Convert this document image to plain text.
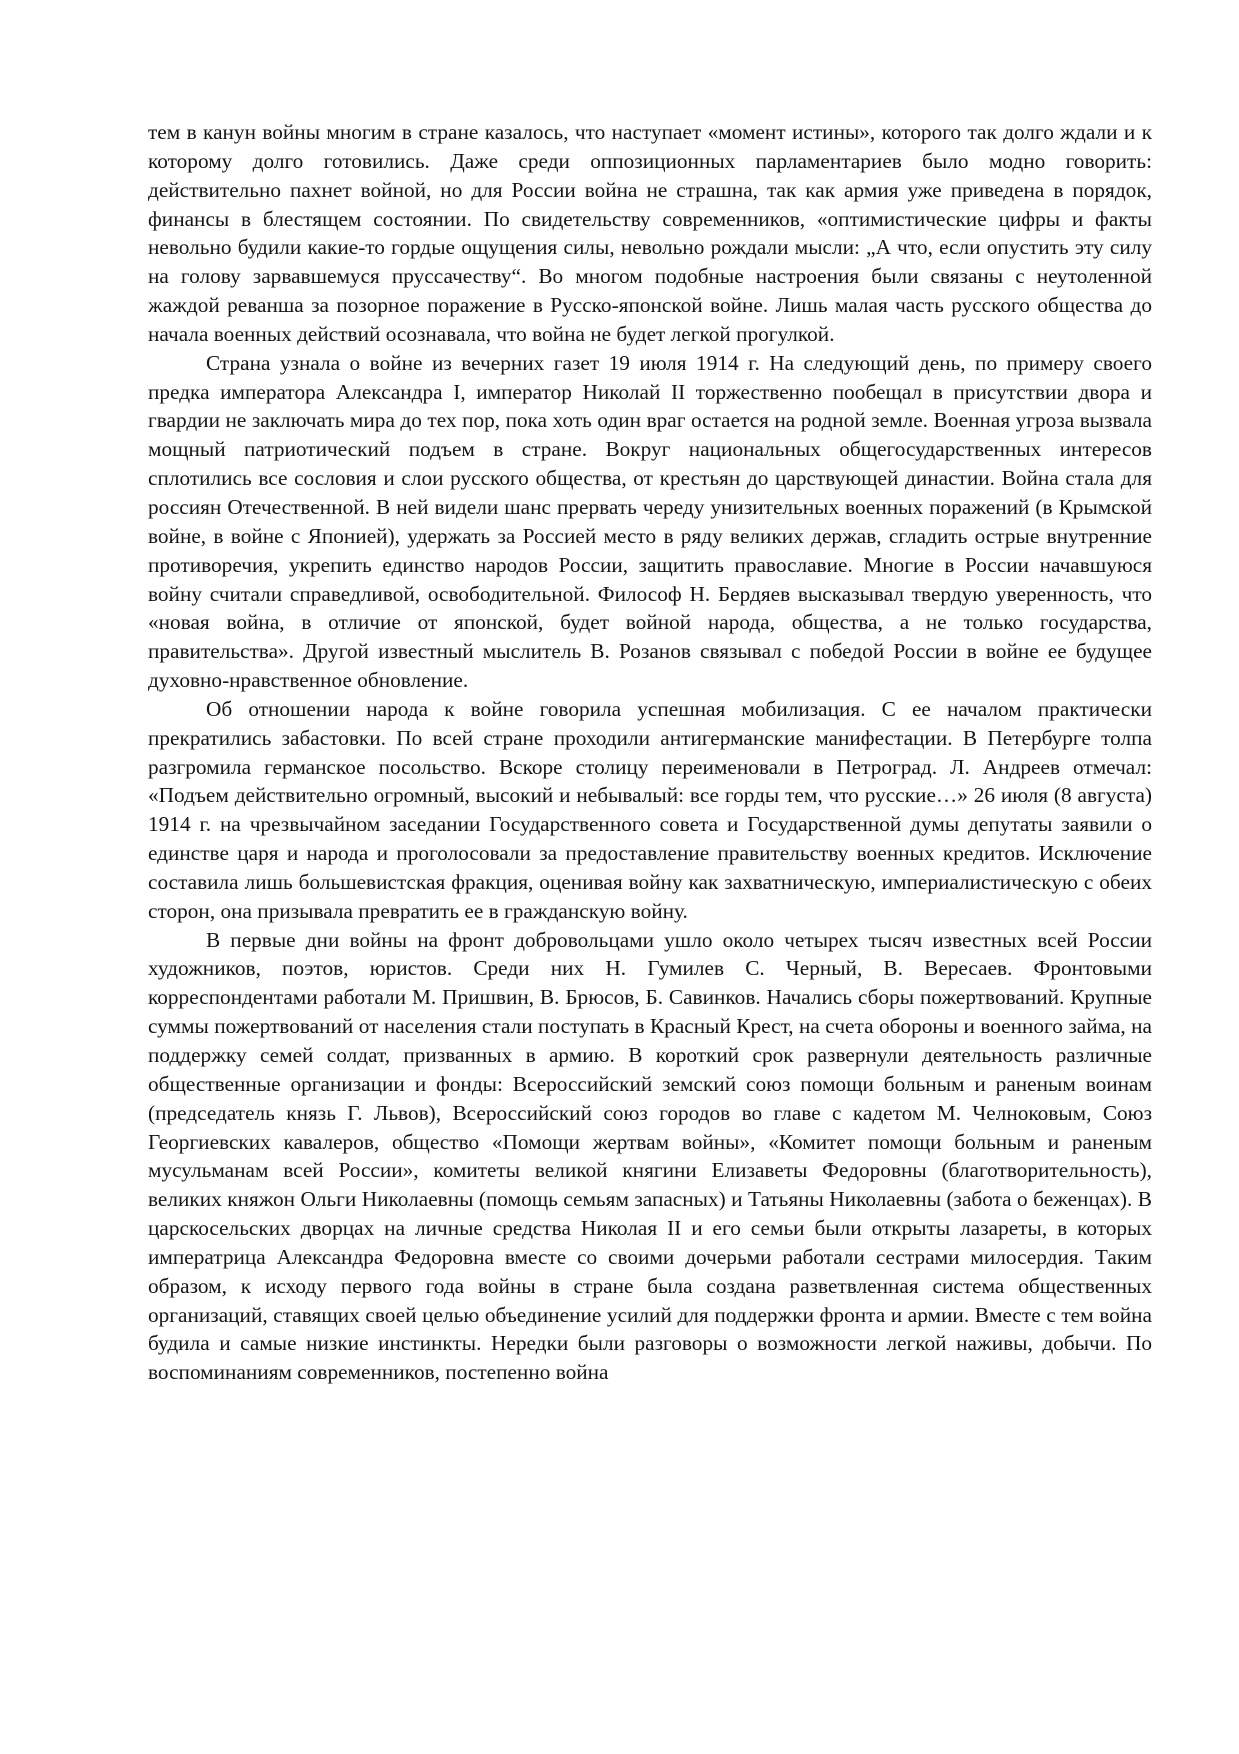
тем в канун войны многим в стране казалось, что наступает «момент истины», которого так долго ждали и к которому долго готовились. Даже среди оппозиционных парламентариев было модно говорить: действительно пахнет войной, но для России война не страшна, так как армия уже приведена в порядок, финансы в блестящем состоянии. По свидетельству современников, «оптимистические цифры и факты невольно будили какие-то гордые ощущения силы, невольно рождали мысли: „А что, если опустить эту силу на голову зарвавшемуся пруссачеству“. Во многом подобные настроения были связаны с неутоленной жаждой реванша за позорное поражение в Русско-японской войне. Лишь малая часть русского общества до начала военных действий осознавала, что война не будет легкой прогулкой.

Страна узнала о войне из вечерних газет 19 июля 1914 г. На следующий день, по примеру своего предка императора Александра I, император Николай II торжественно пообещал в присутствии двора и гвардии не заключать мира до тех пор, пока хоть один враг остается на родной земле. Военная угроза вызвала мощный патриотический подъем в стране. Вокруг национальных общегосударственных интересов сплотились все сословия и слои русского общества, от крестьян до царствующей династии. Война стала для россиян Отечественной. В ней видели шанс прервать череду унизительных военных поражений (в Крымской войне, в войне с Японией), удержать за Россией место в ряду великих держав, сгладить острые внутренние противоречия, укрепить единство народов России, защитить православие. Многие в России начавшуюся войну считали справедливой, освободительной. Философ Н. Бердяев высказывал твердую уверенность, что «новая война, в отличие от японской, будет войной народа, общества, а не только государства, правительства». Другой известный мыслитель В. Розанов связывал с победой России в войне ее будущее духовно-нравственное обновление.

Об отношении народа к войне говорила успешная мобилизация. С ее началом практически прекратились забастовки. По всей стране проходили антигерманские манифестации. В Петербурге толпа разгромила германское посольство. Вскоре столицу переименовали в Петроград. Л. Андреев отмечал: «Подъем действительно огромный, высокий и небывалый: все горды тем, что русские…» 26 июля (8 августа) 1914 г. на чрезвычайном заседании Государственного совета и Государственной думы депутаты заявили о единстве царя и народа и проголосовали за предоставление правительству военных кредитов. Исключение составила лишь большевистская фракция, оценивая войну как захватническую, империалистическую с обеих сторон, она призывала превратить ее в гражданскую войну.

В первые дни войны на фронт добровольцами ушло около четырех тысяч известных всей России художников, поэтов, юристов. Среди них Н. Гумилев С. Черный, В. Вересаев. Фронтовыми корреспондентами работали М. Пришвин, В. Брюсов, Б. Савинков. Начались сборы пожертвований. Крупные суммы пожертвований от населения стали поступать в Красный Крест, на счета обороны и военного займа, на поддержку семей солдат, призванных в армию. В короткий срок развернули деятельность различные общественные организации и фонды: Всероссийский земский союз помощи больным и раненым воинам (председатель князь Г. Львов), Всероссийский союз городов во главе с кадетом М. Челноковым, Союз Георгиевских кавалеров, общество «Помощи жертвам войны», «Комитет помощи больным и раненым мусульманам всей России», комитеты великой княгини Елизаветы Федоровны (благотворительность), великих княжон Ольги Николаевны (помощь семьям запасных) и Татьяны Николаевны (забота о беженцах). В царскосельских дворцах на личные средства Николая II и его семьи были открыты лазареты, в которых императрица Александра Федоровна вместе со своими дочерьми работали сестрами милосердия. Таким образом, к исходу первого года войны в стране была создана разветвленная система общественных организаций, ставящих своей целью объединение усилий для поддержки фронта и армии. Вместе с тем война будила и самые низкие инстинкты. Нередки были разговоры о возможности легкой наживы, добычи. По воспоминаниям современников, постепенно война
